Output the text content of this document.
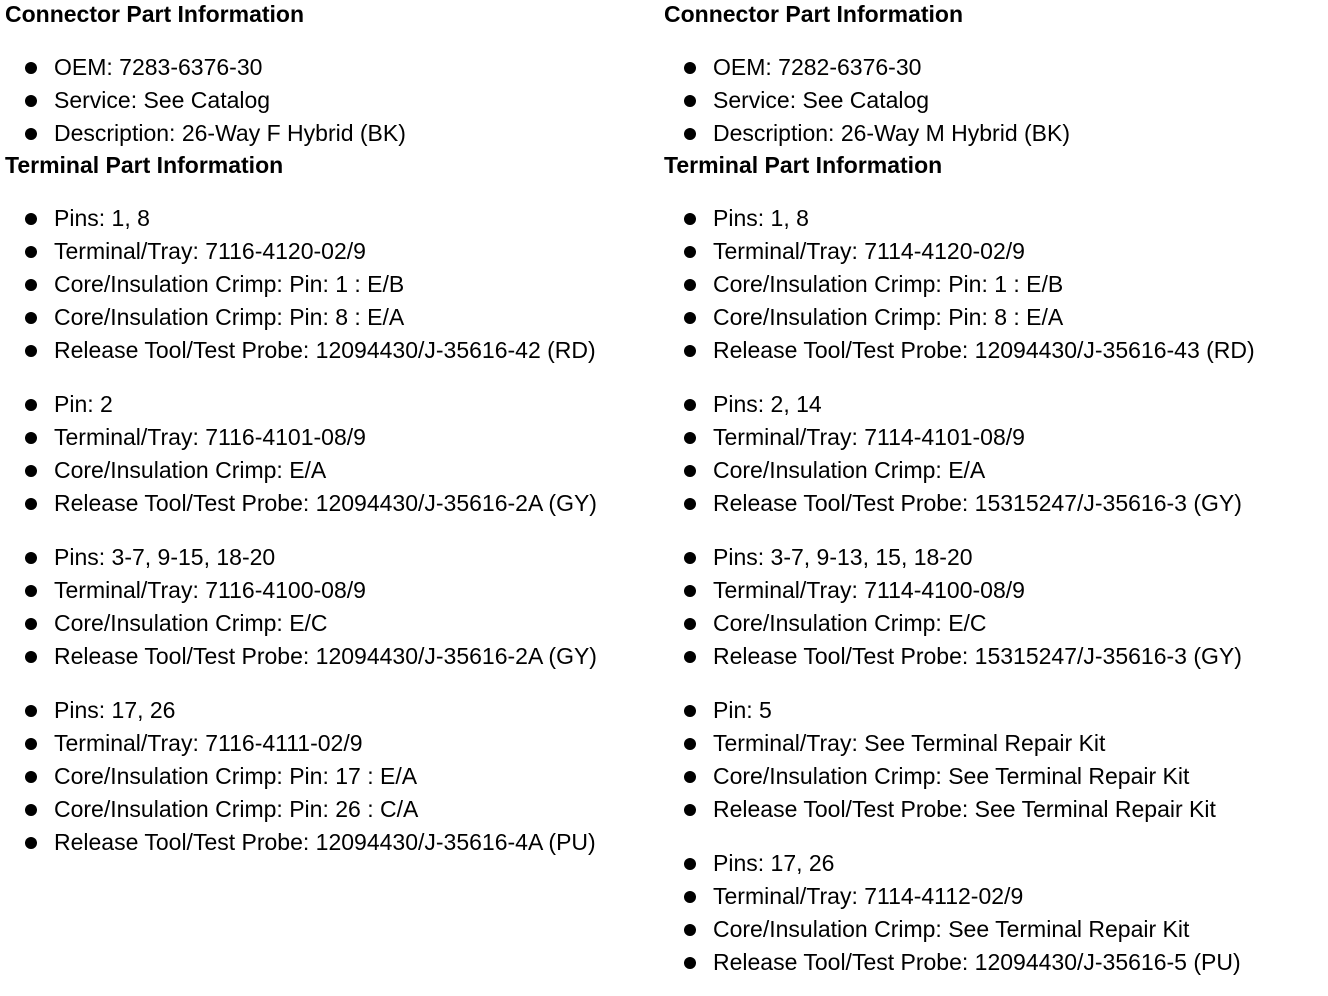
Connector Part Information
OEM: 7283-6376-30
Service: See Catalog
Description: 26-Way F Hybrid (BK)
Terminal Part Information
Pins: 1, 8
Terminal/Tray: 7116-4120-02/9
Core/Insulation Crimp: Pin: 1 : E/B
Core/Insulation Crimp: Pin: 8 : E/A
Release Tool/Test Probe: 12094430/J-35616-42 (RD)
Pin: 2
Terminal/Tray: 7116-4101-08/9
Core/Insulation Crimp: E/A
Release Tool/Test Probe: 12094430/J-35616-2A (GY)
Pins: 3-7, 9-15, 18-20
Terminal/Tray: 7116-4100-08/9
Core/Insulation Crimp: E/C
Release Tool/Test Probe: 12094430/J-35616-2A (GY)
Pins: 17, 26
Terminal/Tray: 7116-4111-02/9
Core/Insulation Crimp: Pin: 17 : E/A
Core/Insulation Crimp: Pin: 26 : C/A
Release Tool/Test Probe: 12094430/J-35616-4A (PU)
Connector Part Information
OEM: 7282-6376-30
Service: See Catalog
Description: 26-Way M Hybrid (BK)
Terminal Part Information
Pins: 1, 8
Terminal/Tray: 7114-4120-02/9
Core/Insulation Crimp: Pin: 1 : E/B
Core/Insulation Crimp: Pin: 8 : E/A
Release Tool/Test Probe: 12094430/J-35616-43 (RD)
Pins: 2, 14
Terminal/Tray: 7114-4101-08/9
Core/Insulation Crimp: E/A
Release Tool/Test Probe: 15315247/J-35616-3 (GY)
Pins: 3-7, 9-13, 15, 18-20
Terminal/Tray: 7114-4100-08/9
Core/Insulation Crimp: E/C
Release Tool/Test Probe: 15315247/J-35616-3 (GY)
Pin: 5
Terminal/Tray: See Terminal Repair Kit
Core/Insulation Crimp: See Terminal Repair Kit
Release Tool/Test Probe: See Terminal Repair Kit
Pins: 17, 26
Terminal/Tray: 7114-4112-02/9
Core/Insulation Crimp: See Terminal Repair Kit
Release Tool/Test Probe: 12094430/J-35616-5 (PU)
